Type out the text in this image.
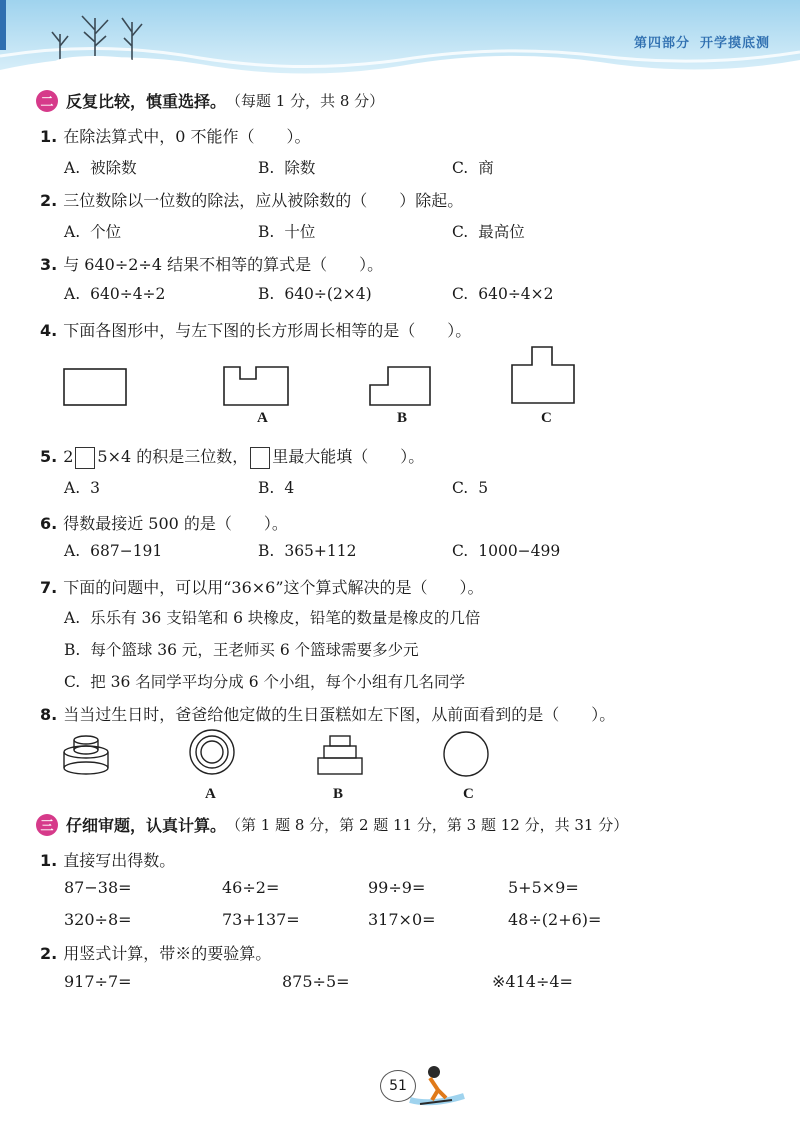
第四部分 开学摸底测
二 反复比较，慎重选择。 （每题 1 分，共 8 分）
1. 在除法算式中，0 不能作（　　）。
A. 被除数	B. 除数	C. 商
2. 三位数除以一位数的除法，应从被除数的（　　）除起。
A. 个位	B. 十位	C. 最高位
3. 与 640÷2÷4 结果不相等的算式是（　　）。
A. 640÷4÷2	B. 640÷(2×4)	C. 640÷4×2
4. 下面各图形中，与左下图的长方形周长相等的是（　　）。
A	B	C
5. 2 5×4 的积是三位数， 里最大能填（　　）。
A. 3	B. 4	C. 5
6. 得数最接近 500 的是（　　）。
A. 687−191	B. 365+112	C. 1000−499
7. 下面的问题中，可以用“36×6”这个算式解决的是（　　）。
A. 乐乐有 36 支铅笔和 6 块橡皮，铅笔的数量是橡皮的几倍
B. 每个篮球 36 元，王老师买 6 个篮球需要多少元
C. 把 36 名同学平均分成 6 个小组，每个小组有几名同学
8. 当当过生日时，爸爸给他定做的生日蛋糕如左下图，从前面看到的是（　　）。
A	B	C
三 仔细审题，认真计算。 （第 1 题 8 分，第 2 题 11 分，第 3 题 12 分，共 31 分）
1. 直接写出得数。
87−38=	46÷2=	99÷9=	5+5×9=
320÷8=	73+137=	317×0=	48÷(2+6)=
2. 用竖式计算，带※的要验算。
917÷7=	875÷5=	※414÷4=
51
